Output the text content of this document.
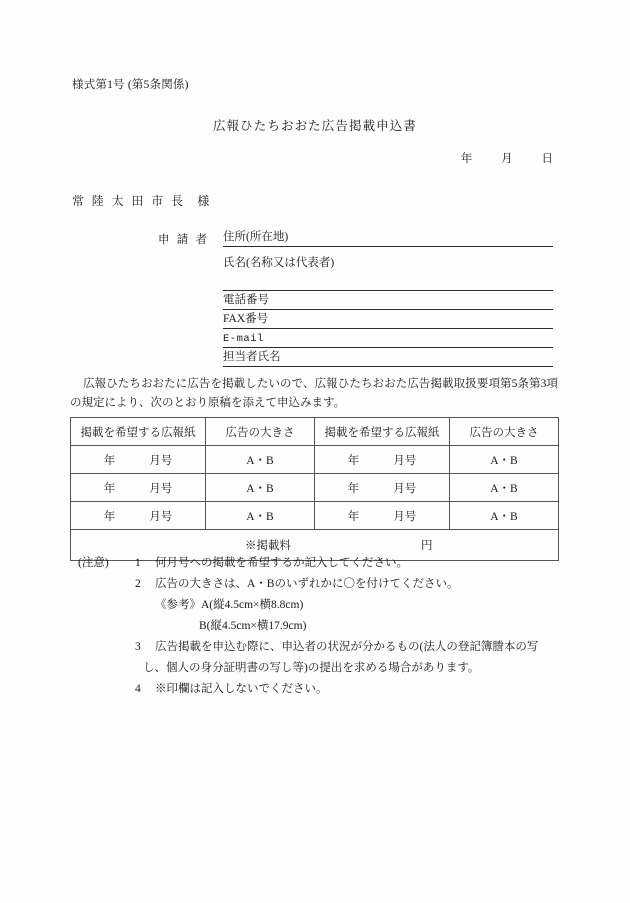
様式第1号 (第5条関係)
広報ひたちおおた広告掲載申込書
年	月	日
常 陸 太 田 市 長 様
申 請 者 住所(所在地)
氏名(名称又は代表者)
電話番号
FAX番号
E-mail
担当者氏名
広報ひたちおおたに広告を掲載したいので、広報ひたちおおた広告掲載取扱要項第5条第3項の規定により、次のとおり原稿を添えて申込みます。
掲載を希望する広報紙	広告の大きさ	掲載を希望する広報紙	広告の大きさ
年 月号	A・B	年 月号	A・B
年 月号	A・B	年 月号	A・B
年 月号	A・B	年 月号	A・B

※掲載料 円			
(注意) 1 何月号への掲載を希望するか記入してください。
2 広告の大きさは、A・Bのいずれかに〇を付けてください。
《参考》A(縦4.5cm×横8.8cm)
B(縦4.5cm×横17.9cm)
3 広告掲載を申込む際に、申込者の状況が分かるもの(法人の登記簿謄本の写
し、個人の身分証明書の写し等)の提出を求める場合があります。
4 ※印欄は記入しないでください。
